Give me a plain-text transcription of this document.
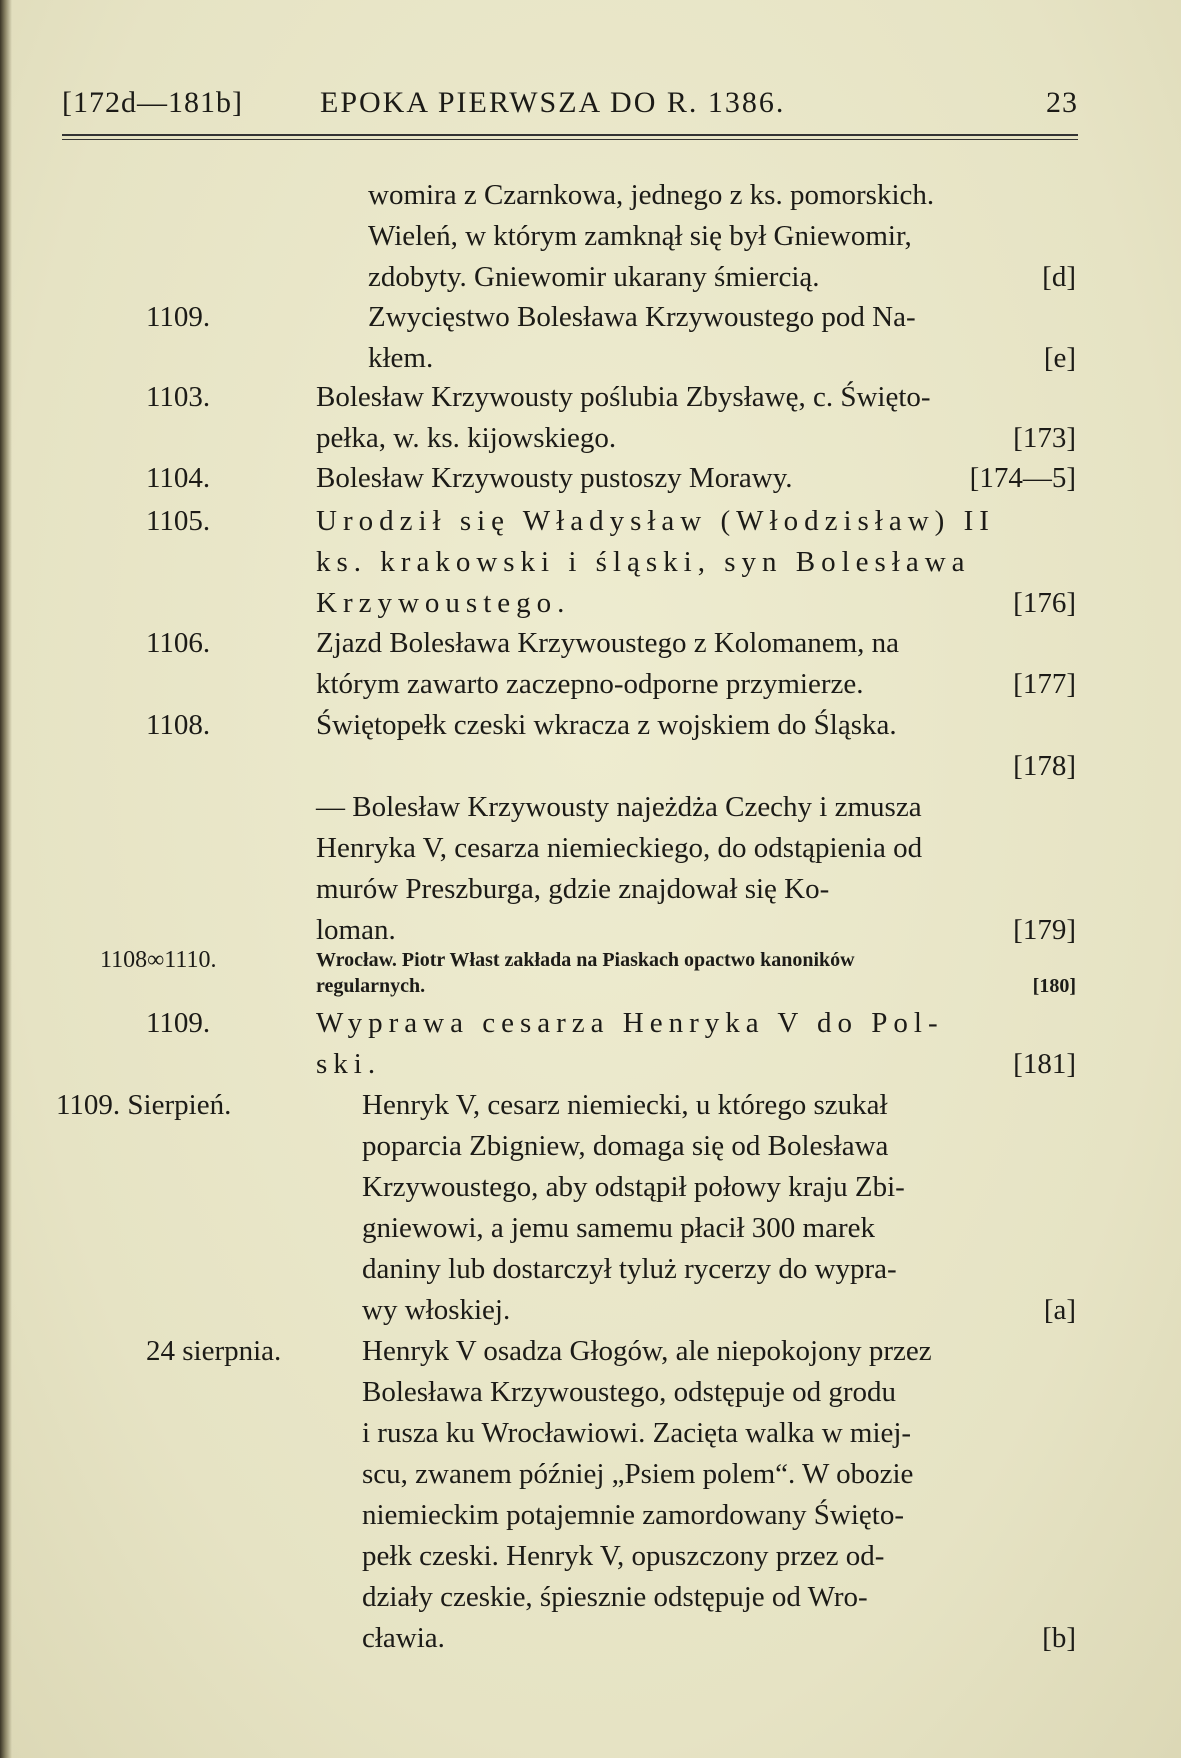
[172d—181b]	EPOKA PIERWSZA DO R. 1386.	23
womira z Czarnkowa, jednego z ks. pomorskich.
Wieleń, w którym zamknął się był Gniewomir,
zdobyty. Gniewomir ukarany śmiercią.	[d]
1109.	Zwycięstwo Bolesława Krzywoustego pod Na-
kłem.	[e]
1103.	Bolesław Krzywousty poślubia Zbysławę, c. Święto-
pełka, w. ks. kijowskiego.	[173]
1104.	Bolesław Krzywousty pustoszy Morawy.	[174—5]
1105.	Urodził się Władysław (Włodzisław) II
ks. krakowski i śląski, syn Bolesława
Krzywoustego.	[176]
1106.	Zjazd Bolesława Krzywoustego z Kolomanem, na
którym zawarto zaczepno-odporne przymierze.	[177]
1108.	Świętopełk czeski wkracza z wojskiem do Śląska.
[178]
— Bolesław Krzywousty najeżdża Czechy i zmusza
Henryka V, cesarza niemieckiego, do odstąpienia od
murów Preszburga, gdzie znajdował się Ko-
loman.	[179]
1108∞1110.	Wrocław. Piotr Włast zakłada na Piaskach opactwo kanoników
regularnych.	[180]
1109.	Wyprawa cesarza Henryka V do Pol-
ski.	[181]
1109. Sierpień.	Henryk V, cesarz niemiecki, u którego szukał
poparcia Zbigniew, domaga się od Bolesława
Krzywoustego, aby odstąpił połowy kraju Zbi-
gniewowi, a jemu samemu płacił 300 marek
daniny lub dostarczył tyluż rycerzy do wypra-
wy włoskiej.	[a]
24 sierpnia.	Henryk V osadza Głogów, ale niepokojony przez
Bolesława Krzywoustego, odstępuje od grodu
i rusza ku Wrocławiowi. Zacięta walka w miej-
scu, zwanem później „Psiem polem“. W obozie
niemieckim potajemnie zamordowany Święto-
pełk czeski. Henryk V, opuszczony przez od-
działy czeskie, śpiesznie odstępuje od Wro-
cławia.	[b]
